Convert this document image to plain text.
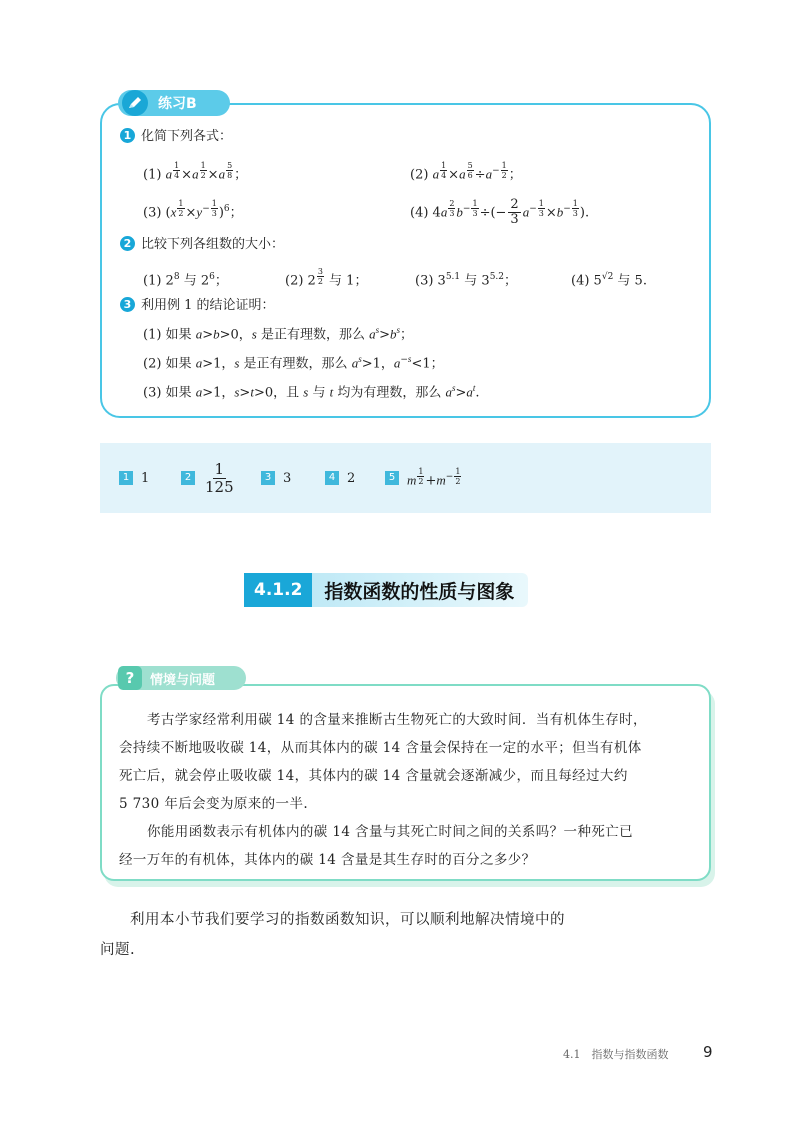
练习B
1 化简下列各式：
(1) a $^{\frac{1}{4}}$ ×a $^{\frac{1}{2}}$ ×a $^{\frac{5}{8}}$ ；	(2) a $^{\frac{1}{4}}$ ×a $^{\frac{5}{6}} \div a^{- \frac{1}{2}}$ ；
(3) (x $^{\frac{1}{2}} \times y^{- \frac{1}{3}}$ )$^6$；	(4) 4a $^{\frac{2}{3}}$ $b^{- \frac{1}{3}}$ ÷(− $\frac{2}{3} a^{- \frac{1}{3}} \times b^{- \frac{1}{3}}$ ).
2 比较下列各组数的大小：
(1) $2^8$ 与 $2^6$；	(2) 2 $^{\frac{3}{2}}$ 与 1；	(3) $3^{5.1}$ 与 $3^{5.2}$；	(4) $5^{√2}$ 与 5.
3 利用例 1 的结论证明：
(1) 如果 a>b>0，s 是正有理数，那么 $a^s>b^s$；
(2) 如果 a>1，s 是正有理数，那么 $a^s>1$，$a^{-s}<1$；
(3) 如果 a>1，s>t>0，且 s 与 t 均为有理数，那么 $a^s>a^t$.
1 1	2 1
125	3 3	4 2	5 m $^{\frac{1}{2}} +m^{- \frac{1}{2}}$
4.1.2	指数函数的性质与图象
?	情境与问题
考古学家经常利用碳 14 的含量来推断古生物死亡的大致时间．当有机体生存时，
会持续不断地吸收碳 14，从而其体内的碳 14 含量会保持在一定的水平；但当有机体
死亡后，就会停止吸收碳 14，其体内的碳 14 含量就会逐渐减少，而且每经过大约
5 730 年后会变为原来的一半.
你能用函数表示有机体内的碳 14 含量与其死亡时间之间的关系吗？一种死亡已
经一万年的有机体，其体内的碳 14 含量是其生存时的百分之多少？
利用本小节我们要学习的指数函数知识，可以顺利地解决情境中的
问题.
4.1　指数与指数函数 9
